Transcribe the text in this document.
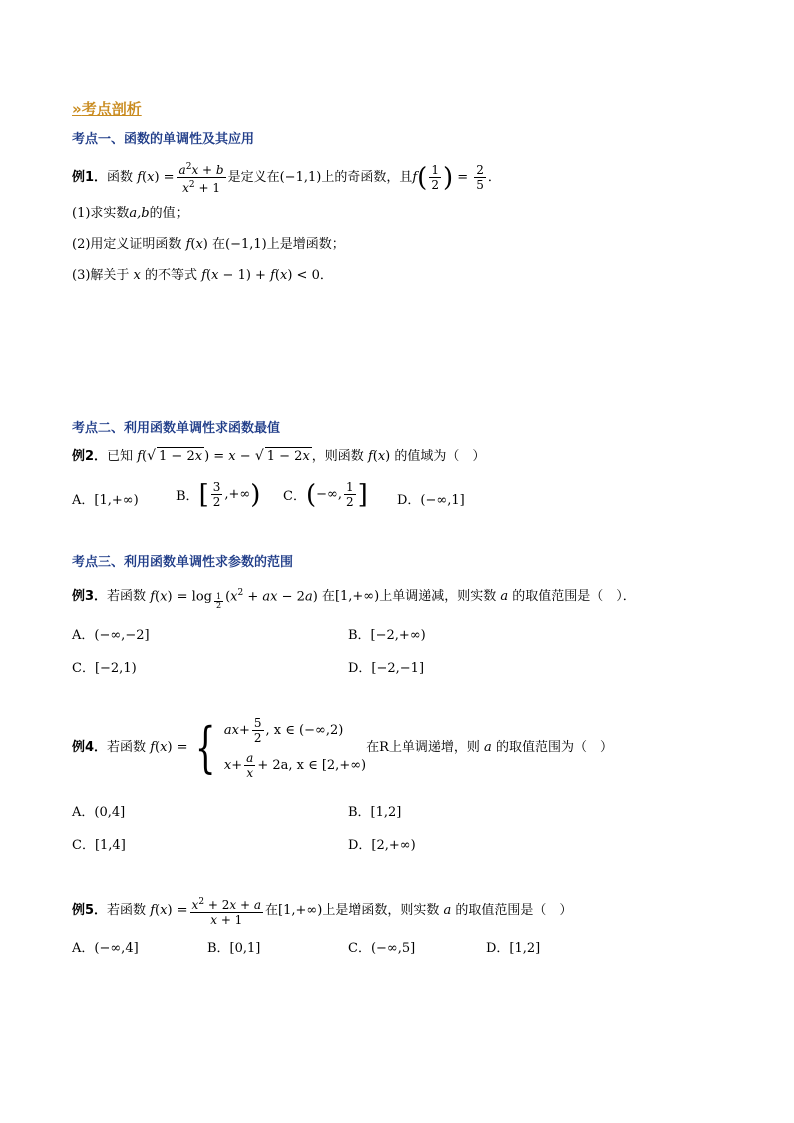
»考点剖析
考点一、函数的单调性及其应用
例1． 函数 $f(x) = \frac{a^2x + b}{x^2 + 1}$ 是定义在 (−1,1) 上的奇函数，且 f ( $\frac{1}{2}$ ) = $\frac{2}{5}$ ．
(1)求实数 a,b 的值；
(2)用定义证明函数 f(x) 在 (−1,1) 上是增函数；
(3)解关于 x 的不等式 f(x − 1) + f(x) < 0 ．
考点二、利用函数单调性求函数最值
例2． 已知 f(√ 1 − 2x ) = x − √ 1 − 2x ，则函数 f(x) 的值域为（　）
A．[1,+∞)	B． [ $\frac{3}{2}$ ,+∞ ) C． ( −∞, $\frac{1}{2}$ ] D．(−∞,1]
考点三、利用函数单调性求参数的范围
例3． 若函数 f(x) = log $_{\frac{1}{2}}$ ($x^2$ + ax − 2a) 在 [1,+∞) 上单调递减，则实数 a 的取值范围是（　）．
A．(−∞,−2]	B．[−2,+∞)
C．[−2,1)	D．[−2,−1]
例4． 若函数 f(x) = { ax + $\frac{5}{2}$ , x ∈ (−∞,2)
$x + \frac{a}{x} + 2a$, x ∈ [2,+∞)
在R上单调递增，则 a 的取值范围为（　）
A．(0,4]	B．[1,2]
C．[1,4]	D．[2,+∞)
例5． 若函数 $f(x) = \frac{x^2 + 2x + a}{x + 1}$ 在 [1,+∞) 上是增函数，则实数 a 的取值范围是（　）
A．(−∞,4]	B．[0,1]	C．(−∞,5]	D．[1,2]
